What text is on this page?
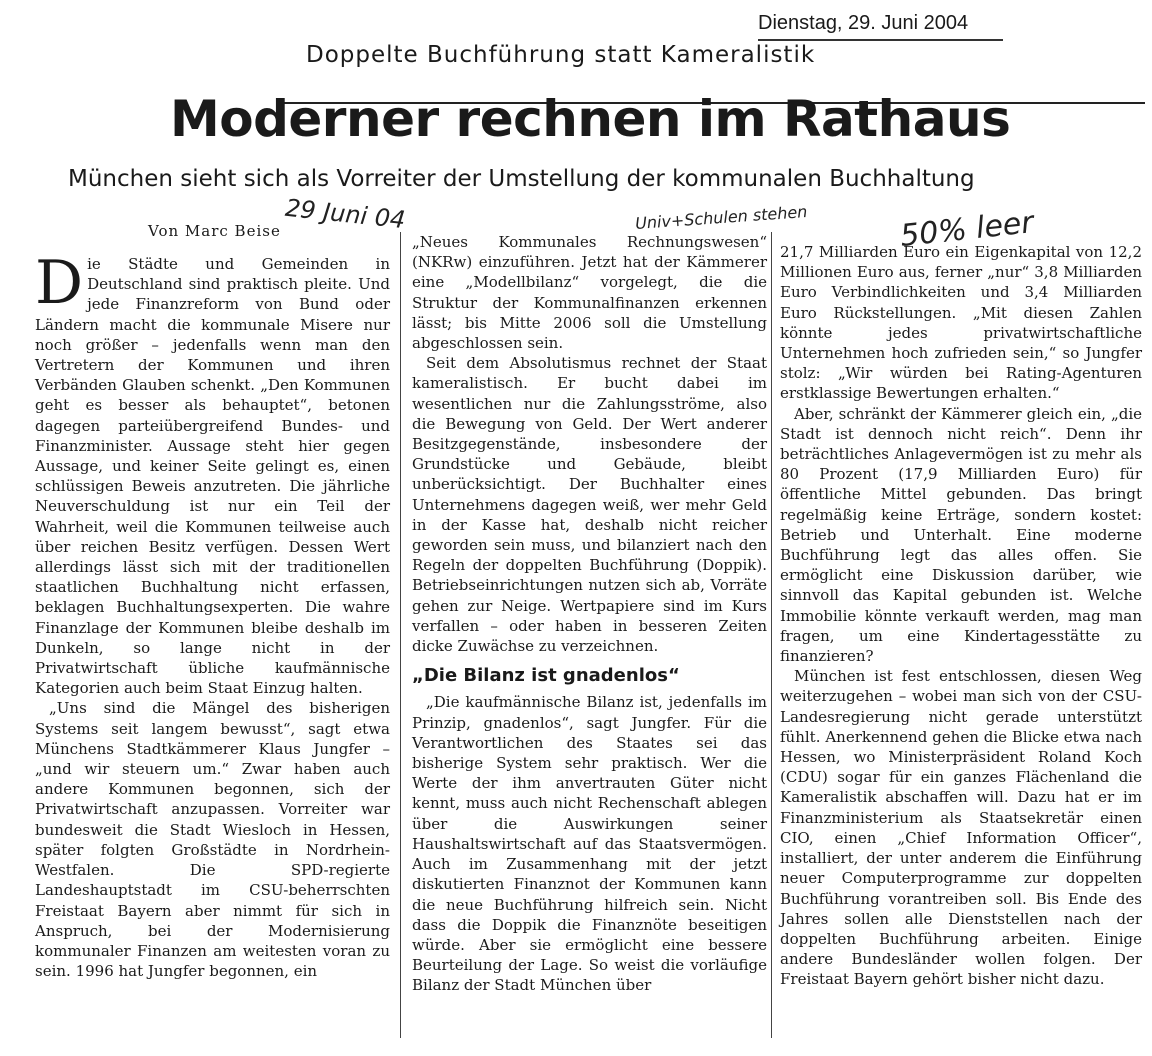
Dienstag, 29. Juni 2004
Doppelte Buchführung statt Kameralistik
Moderner rechnen im Rathaus
München sieht sich als Vorreiter der Umstellung der kommunalen Buchhaltung
29 Juni 04	Univ+Schulen stehen	50% leer
Von Marc Beise

Die Städte und Gemeinden in Deutschland sind praktisch pleite. Und jede Finanzreform von Bund oder Ländern macht die kommunale Misere nur noch größer – jedenfalls wenn man den Vertretern der Kommunen und ihren Verbänden Glauben schenkt. „Den Kommunen geht es besser als behauptet“, betonen dagegen parteiübergreifend Bundes- und Finanzminister. Aussage steht hier gegen Aussage, und keiner Seite gelingt es, einen schlüssigen Beweis anzutreten. Die jährliche Neuverschuldung ist nur ein Teil der Wahrheit, weil die Kommunen teilweise auch über reichen Besitz verfügen. Dessen Wert allerdings lässt sich mit der traditionellen staatlichen Buchhaltung nicht erfassen, beklagen Buchhaltungsexperten. Die wahre Finanzlage der Kommunen bleibe deshalb im Dunkeln, so lange nicht in der Privatwirtschaft übliche kaufmännische Kategorien auch beim Staat Einzug halten.

„Uns sind die Mängel des bisherigen Systems seit langem bewusst“, sagt etwa Münchens Stadtkämmerer Klaus Jungfer – „und wir steuern um.“ Zwar haben auch andere Kommunen begonnen, sich der Privatwirtschaft anzupassen. Vorreiter war bundesweit die Stadt Wiesloch in Hessen, später folgten Großstädte in Nordrhein-Westfalen. Die SPD-regierte Landeshauptstadt im CSU-beherrschten Freistaat Bayern aber nimmt für sich in Anspruch, bei der Modernisierung kommunaler Finanzen am weitesten voran zu sein. 1996 hat Jungfer begonnen, ein

„Neues Kommunales Rechnungswesen“ (NKRw) einzuführen. Jetzt hat der Kämmerer eine „Modellbilanz“ vorgelegt, die die Struktur der Kommunalfinanzen erkennen lässt; bis Mitte 2006 soll die Umstellung abgeschlossen sein.

Seit dem Absolutismus rechnet der Staat kameralistisch. Er bucht dabei im wesentlichen nur die Zahlungsströme, also die Bewegung von Geld. Der Wert anderer Besitzgegenstände, insbesondere der Grundstücke und Gebäude, bleibt unberücksichtigt. Der Buchhalter eines Unternehmens dagegen weiß, wer mehr Geld in der Kasse hat, deshalb nicht reicher geworden sein muss, und bilanziert nach den Regeln der doppelten Buchführung (Doppik). Betriebseinrichtungen nutzen sich ab, Vorräte gehen zur Neige. Wertpapiere sind im Kurs verfallen – oder haben in besseren Zeiten dicke Zuwächse zu verzeichnen.

„Die Bilanz ist gnadenlos“

„Die kaufmännische Bilanz ist, jedenfalls im Prinzip, gnadenlos“, sagt Jungfer. Für die Verantwortlichen des Staates sei das bisherige System sehr praktisch. Wer die Werte der ihm anvertrauten Güter nicht kennt, muss auch nicht Rechenschaft ablegen über die Auswirkungen seiner Haushaltswirtschaft auf das Staatsvermögen. Auch im Zusammenhang mit der jetzt diskutierten Finanznot der Kommunen kann die neue Buchführung hilfreich sein. Nicht dass die Doppik die Finanznöte beseitigen würde. Aber sie ermöglicht eine bessere Beurteilung der Lage. So weist die vorläufige Bilanz der Stadt München über

21,7 Milliarden Euro ein Eigenkapital von 12,2 Millionen Euro aus, ferner „nur“ 3,8 Milliarden Euro Verbindlichkeiten und 3,4 Milliarden Euro Rückstellungen. „Mit diesen Zahlen könnte jedes privatwirtschaftliche Unternehmen hoch zufrieden sein,“ so Jungfer stolz: „Wir würden bei Rating-Agenturen erstklassige Bewertungen erhalten.“

Aber, schränkt der Kämmerer gleich ein, „die Stadt ist dennoch nicht reich“. Denn ihr beträchtliches Anlagevermögen ist zu mehr als 80 Prozent (17,9 Milliarden Euro) für öffentliche Mittel gebunden. Das bringt regelmäßig keine Erträge, sondern kostet: Betrieb und Unterhalt. Eine moderne Buchführung legt das alles offen. Sie ermöglicht eine Diskussion darüber, wie sinnvoll das Kapital gebunden ist. Welche Immobilie könnte verkauft werden, mag man fragen, um eine Kindertagesstätte zu finanzieren?

München ist fest entschlossen, diesen Weg weiterzugehen – wobei man sich von der CSU-Landesregierung nicht gerade unterstützt fühlt. Anerkennend gehen die Blicke etwa nach Hessen, wo Ministerpräsident Roland Koch (CDU) sogar für ein ganzes Flächenland die Kameralistik abschaffen will. Dazu hat er im Finanzministerium als Staatsekretär einen CIO, einen „Chief Information Officer“, installiert, der unter anderem die Einführung neuer Computerprogramme zur doppelten Buchführung vorantreiben soll. Bis Ende des Jahres sollen alle Dienststellen nach der doppelten Buchführung arbeiten. Einige andere Bundesländer wollen folgen. Der Freistaat Bayern gehört bisher nicht dazu.
